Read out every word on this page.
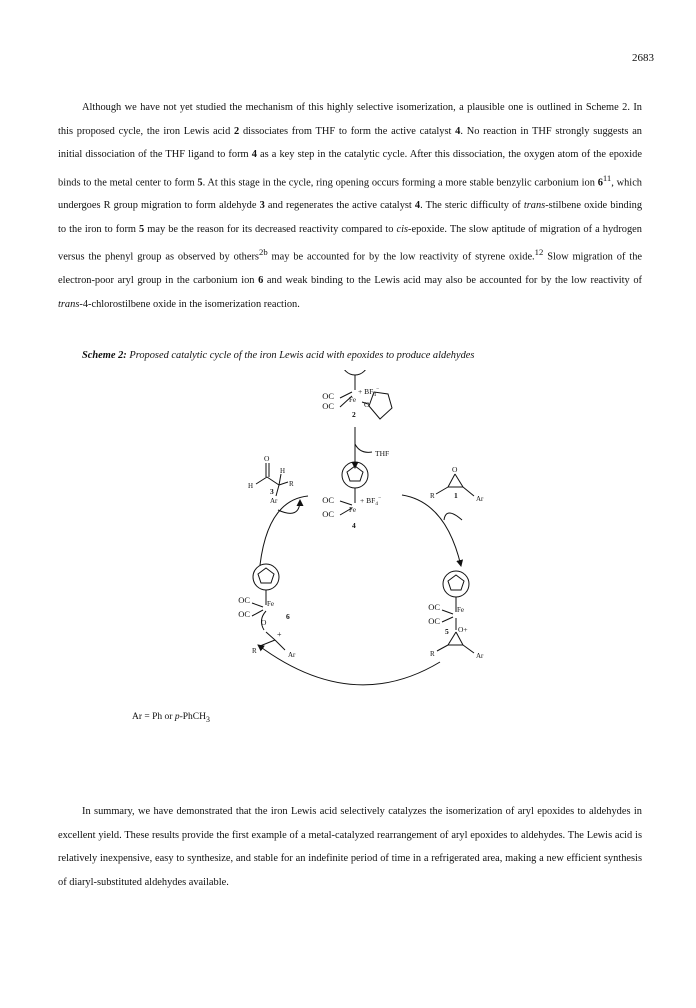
2683

Although we have not yet studied the mechanism of this highly selective isomerization, a plausible one is outlined in Scheme 2. In this proposed cycle, the iron Lewis acid 2 dissociates from THF to form the active catalyst 4. No reaction in THF strongly suggests an initial dissociation of the THF ligand to form 4 as a key step in the catalytic cycle. After this dissociation, the oxygen atom of the epoxide binds to the metal center to form 5. At this stage in the cycle, ring opening occurs forming a more stable benzylic carbonium ion $6^{11}$, which undergoes R group migration to form aldehyde 3 and regenerates the active catalyst 4. The steric difficulty of trans-stilbene oxide binding to the iron to form 5 may be the reason for its decreased reactivity compared to cis-epoxide. The slow aptitude of migration of a hydrogen versus the phenyl group as observed by others$^{2b}$ may be accounted for by the low reactivity of styrene oxide.$^{12}$ Slow migration of the electron-poor aryl group in the carbonium ion 6 and weak binding to the Lewis acid may also be accounted for by the low reactivity of trans-4-chlorostilbene oxide in the isomerization reaction.

Scheme 2: Proposed catalytic cycle of the iron Lewis acid with epoxides to produce aldehydes
OC
OC
Fe
+ $BF_4^-$
O
2
THF
OC
OC Fe
+ $BF_4^-$
4
O
R	Ar
1
O
H
H
R
Ar
3
OC
OC
Fe
5 O+
R	Ar
OC
OC
Fe
O
6
+
R	Ar
Ar = Ph or p-PhCH$_3$

In summary, we have demonstrated that the iron Lewis acid selectively catalyzes the isomerization of aryl epoxides to aldehydes in excellent yield. These results provide the first example of a metal-catalyzed rearrangement of aryl epoxides to aldehydes. The Lewis acid is relatively inexpensive, easy to synthesize, and stable for an indefinite period of time in a refrigerated area, making a new efficient synthesis of diaryl-substituted aldehydes available.
